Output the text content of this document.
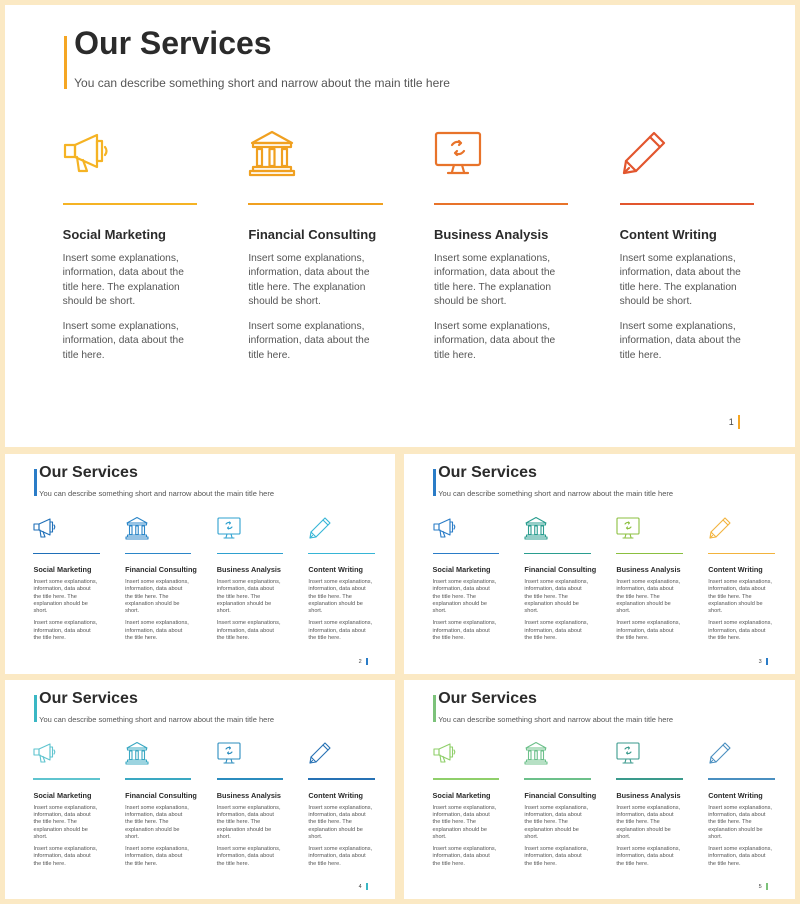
Our Services
You can describe something short and narrow about the main title here
Social Marketing
Insert some explanations, information, data about the title here. The explanation should be short.
Insert some explanations, information, data about the title here.
Financial Consulting
Insert some explanations, information, data about the title here. The explanation should be short.
Insert some explanations, information, data about the title here.
Business Analysis
Insert some explanations, information, data about the title here. The explanation should be short.
Insert some explanations, information, data about the title here.
Content Writing
Insert some explanations, information, data about the title here. The explanation should be short.
Insert some explanations, information, data about the title here.
1
Our Services
You can describe something short and narrow about the main title here
Social Marketing
Insert some explanations, information, data about the title here. The explanation should be short.
Insert some explanations, information, data about the title here.
Financial Consulting
Insert some explanations, information, data about the title here. The explanation should be short.
Insert some explanations, information, data about the title here.
Business Analysis
Insert some explanations, information, data about the title here. The explanation should be short.
Insert some explanations, information, data about the title here.
Content Writing
Insert some explanations, information, data about the title here. The explanation should be short.
Insert some explanations, information, data about the title here.
2
Our Services
You can describe something short and narrow about the main title here
Social Marketing
Insert some explanations, information, data about the title here. The explanation should be short.
Insert some explanations, information, data about the title here.
Financial Consulting
Insert some explanations, information, data about the title here. The explanation should be short.
Insert some explanations, information, data about the title here.
Business Analysis
Insert some explanations, information, data about the title here. The explanation should be short.
Insert some explanations, information, data about the title here.
Content Writing
Insert some explanations, information, data about the title here. The explanation should be short.
Insert some explanations, information, data about the title here.
3
Our Services
You can describe something short and narrow about the main title here
Social Marketing
Insert some explanations, information, data about the title here. The explanation should be short.
Insert some explanations, information, data about the title here.
Financial Consulting
Insert some explanations, information, data about the title here. The explanation should be short.
Insert some explanations, information, data about the title here.
Business Analysis
Insert some explanations, information, data about the title here. The explanation should be short.
Insert some explanations, information, data about the title here.
Content Writing
Insert some explanations, information, data about the title here. The explanation should be short.
Insert some explanations, information, data about the title here.
4
Our Services
You can describe something short and narrow about the main title here
Social Marketing
Insert some explanations, information, data about the title here. The explanation should be short.
Insert some explanations, information, data about the title here.
Financial Consulting
Insert some explanations, information, data about the title here. The explanation should be short.
Insert some explanations, information, data about the title here.
Business Analysis
Insert some explanations, information, data about the title here. The explanation should be short.
Insert some explanations, information, data about the title here.
Content Writing
Insert some explanations, information, data about the title here. The explanation should be short.
Insert some explanations, information, data about the title here.
5
